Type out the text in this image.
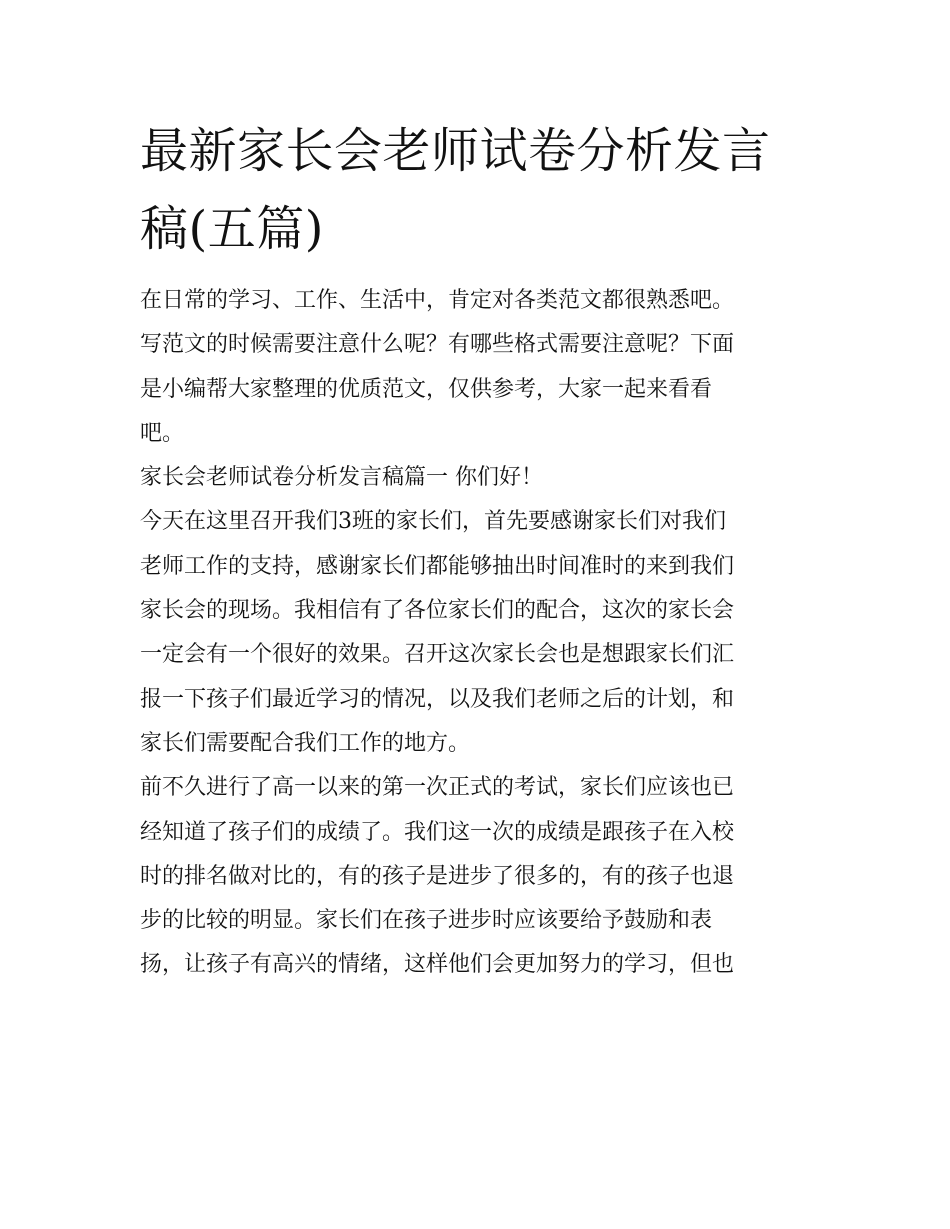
最新家长会老师试卷分析发言
稿(五篇)

在日常的学习、工作、生活中，肯定对各类范文都很熟悉吧。
写范文的时候需要注意什么呢？有哪些格式需要注意呢？下面
是小编帮大家整理的优质范文，仅供参考，大家一起来看看
吧。

家长会老师试卷分析发言稿篇一 你们好！

今天在这里召开我们3班的家长们，首先要感谢家长们对我们
老师工作的支持，感谢家长们都能够抽出时间准时的来到我们
家长会的现场。我相信有了各位家长们的配合，这次的家长会
一定会有一个很好的效果。召开这次家长会也是想跟家长们汇
报一下孩子们最近学习的情况，以及我们老师之后的计划，和
家长们需要配合我们工作的地方。

前不久进行了高一以来的第一次正式的考试，家长们应该也已
经知道了孩子们的成绩了。我们这一次的成绩是跟孩子在入校
时的排名做对比的，有的孩子是进步了很多的，有的孩子也退
步的比较的明显。家长们在孩子进步时应该要给予鼓励和表
扬，让孩子有高兴的情绪，这样他们会更加努力的学习，但也
